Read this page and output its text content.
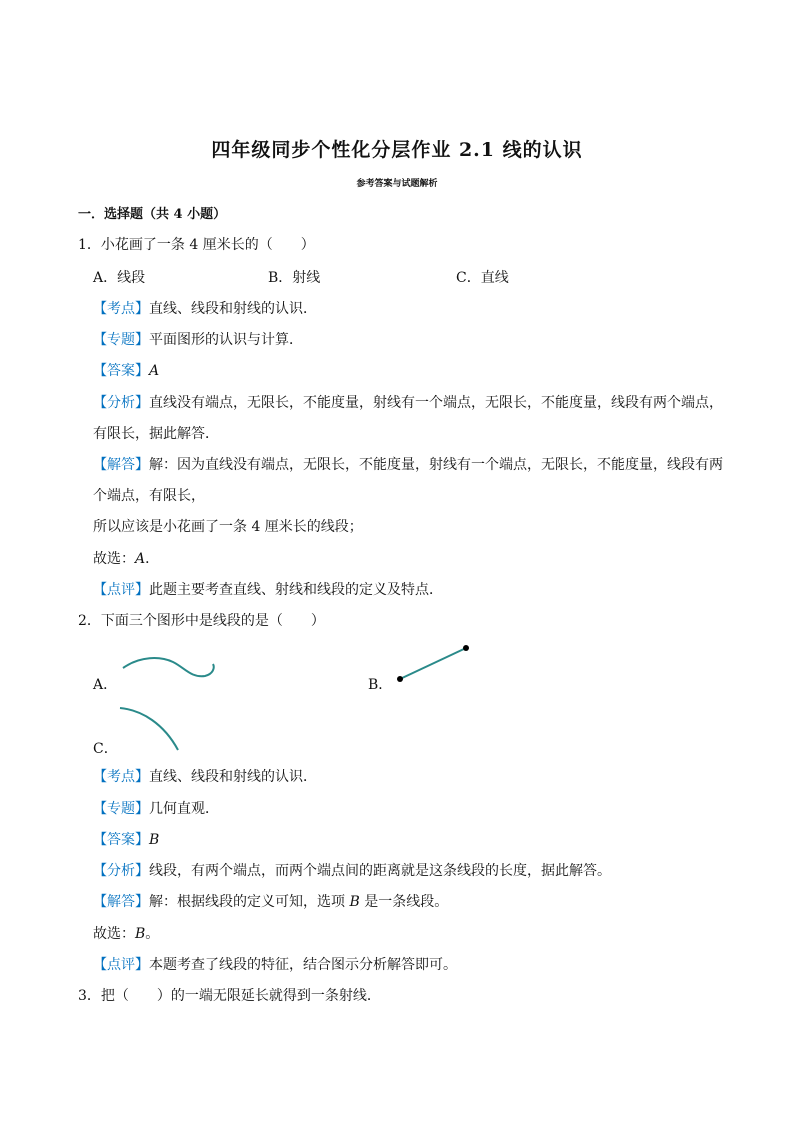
四年级同步个性化分层作业 2.1 线的认识
参考答案与试题解析
一．选择题（共 4 小题）
1．小花画了一条 4 厘米长的（　　）
A．线段	B．射线	C．直线
【考点】直线、线段和射线的认识．
【专题】平面图形的认识与计算．
【答案】A
【分析】直线没有端点，无限长，不能度量，射线有一个端点，无限长，不能度量，线段有两个端点，
有限长，据此解答．
【解答】解：因为直线没有端点，无限长，不能度量，射线有一个端点，无限长，不能度量，线段有两
个端点，有限长，
所以应该是小花画了一条 4 厘米长的线段；
故选：A．
【点评】此题主要考查直线、射线和线段的定义及特点．
2．下面三个图形中是线段的是（　　）
A．	B．
C．
【考点】直线、线段和射线的认识．
【专题】几何直观．
【答案】B
【分析】线段，有两个端点，而两个端点间的距离就是这条线段的长度，据此解答。
【解答】解：根据线段的定义可知，选项 B 是一条线段。
故选：B。
【点评】本题考查了线段的特征，结合图示分析解答即可。
3．把（　　）的一端无限延长就得到一条射线．
